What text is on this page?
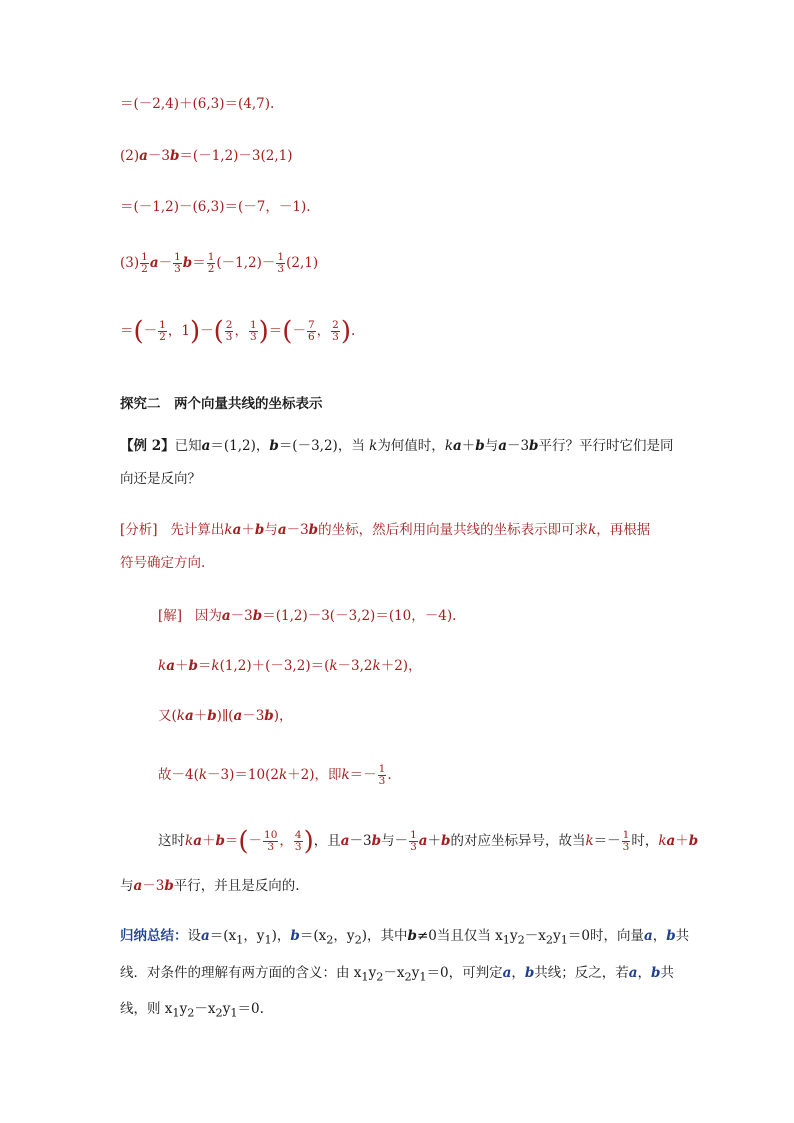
＝(－2,4)＋(6,3)＝(4,7).
(2)a－3b＝(－1,2)－3(2,1)
＝(－1,2)－(6,3)＝(－7，－1).
$(3) \frac{1}{2} a- \frac{1}{3} b= \frac{1}{2} (-1,2)- \frac{1}{3} (2,1)$
＝(－ $\frac{1}{2}$ ，$1)-( \frac{2}{3}$ ， $\frac{1}{3}$ )＝(－ $\frac{7}{6}$ ， $\frac{2}{3}$ ).
探究二　两个向量共线的坐标表示
【例 2】已知a＝(1,2)，b＝(－3,2)，当 k为何值时，ka＋b与a－3b平行？平行时它们是同
向还是反向？
[分析] 先计算出ka＋b与a－3b的坐标，然后利用向量共线的坐标表示即可求k，再根据
符号确定方向.
[解] 因为a－3b＝(1,2)－3(－3,2)＝(10，－4).
ka＋b＝k(1,2)＋(－3,2)＝(k－3,2k＋2)，
又(ka＋b)∥(a－3b)，
故－4(k－3)＝10(2k＋2)，即$k=- \frac{1}{3}$ .
这时$ka+b=(- \frac{10}{3}$ ， $\frac{4}{3}$ )，且a－3b与－ $\frac{1}{3} a+b$的对应坐标异号，故当$k=- \frac{1}{3}$ 时，ka＋b
与a－3b平行，并且是反向的.
归纳总结：设$a=(x_1$，$y_1$)，$b=(x_2$，$y_2$)，其中b≠0当且仅当 $x_1y_2-x_2y_1=0$时，向量a，b共
线．对条件的理解有两方面的含义：由 $x_1y_2-x_2y_1=0$，可判定a，b共线；反之，若a，b共
线，则 $x_1y_2-x_2y_1=0$.
